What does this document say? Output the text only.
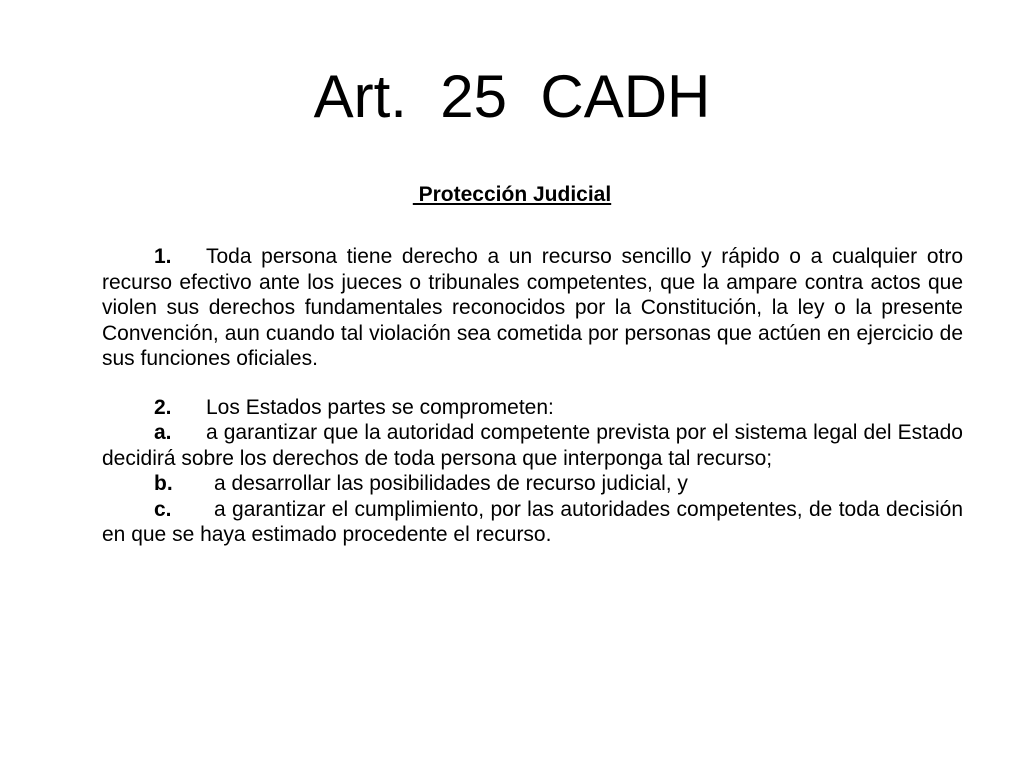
Art.  25  CADH
Protección Judicial

1. Toda persona tiene derecho a un recurso sencillo y rápido o a cualquier otro recurso efectivo ante los jueces o tribunales competentes, que la ampare contra actos que violen sus derechos fundamentales reconocidos por la Constitución, la ley o la presente Convención, aun cuando tal violación sea cometida por personas que actúen en ejercicio de sus funciones oficiales.

2. Los Estados partes se comprometen:

a. a garantizar que la autoridad competente prevista por el sistema legal del Estado decidirá sobre los derechos de toda persona que interponga tal recurso;

b. a desarrollar las posibilidades de recurso judicial, y

c. a garantizar el cumplimiento, por las autoridades competentes, de toda decisión en que se haya estimado procedente el recurso.
